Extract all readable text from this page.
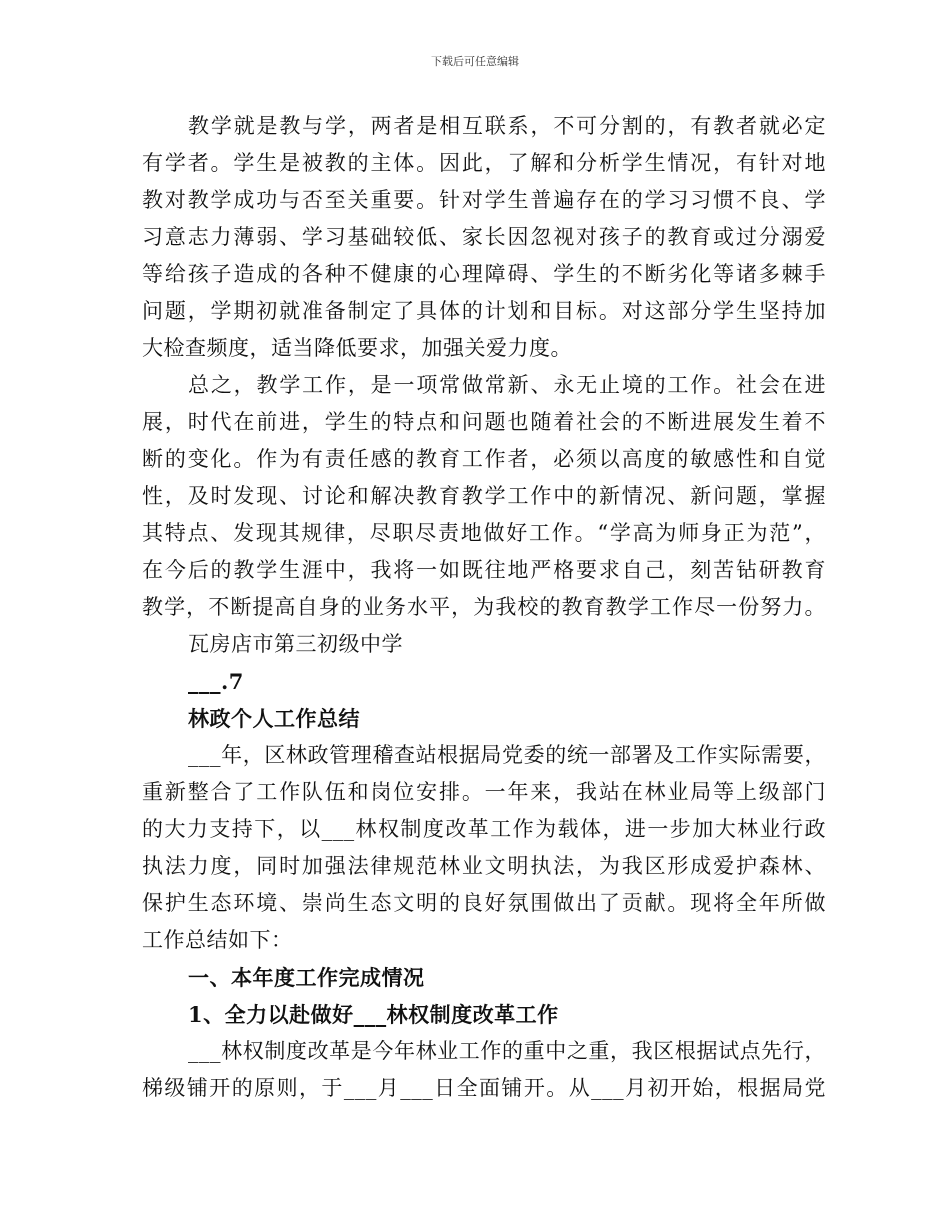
下载后可任意编辑
教学就是教与学，两者是相互联系，不可分割的，有教者就必定
有学者。学生是被教的主体。因此，了解和分析学生情况，有针对地
教对教学成功与否至关重要。针对学生普遍存在的学习习惯不良、学
习意志力薄弱、学习基础较低、家长因忽视对孩子的教育或过分溺爱
等给孩子造成的各种不健康的心理障碍、学生的不断劣化等诸多棘手
问题，学期初就准备制定了具体的计划和目标。对这部分学生坚持加
大检查频度，适当降低要求，加强关爱力度。
总之，教学工作，是一项常做常新、永无止境的工作。社会在进
展，时代在前进，学生的特点和问题也随着社会的不断进展发生着不
断的变化。作为有责任感的教育工作者，必须以高度的敏感性和自觉
性，及时发现、讨论和解决教育教学工作中的新情况、新问题，掌握
其特点、发现其规律，尽职尽责地做好工作。“学高为师身正为范”，
在今后的教学生涯中，我将一如既往地严格要求自己，刻苦钻研教育
教学，不断提高自身的业务水平，为我校的教育教学工作尽一份努力。
瓦房店市第三初级中学
___.7
林政个人工作总结
___年，区林政管理稽查站根据局党委的统一部署及工作实际需要，
重新整合了工作队伍和岗位安排。一年来，我站在林业局等上级部门
的大力支持下，以___林权制度改革工作为载体，进一步加大林业行政
执法力度，同时加强法律规范林业文明执法，为我区形成爱护森林、
保护生态环境、崇尚生态文明的良好氛围做出了贡献。现将全年所做
工作总结如下：
一、本年度工作完成情况
1、全力以赴做好___林权制度改革工作
___林权制度改革是今年林业工作的重中之重，我区根据试点先行，
梯级铺开的原则，于___月___日全面铺开。从___月初开始，根据局党
